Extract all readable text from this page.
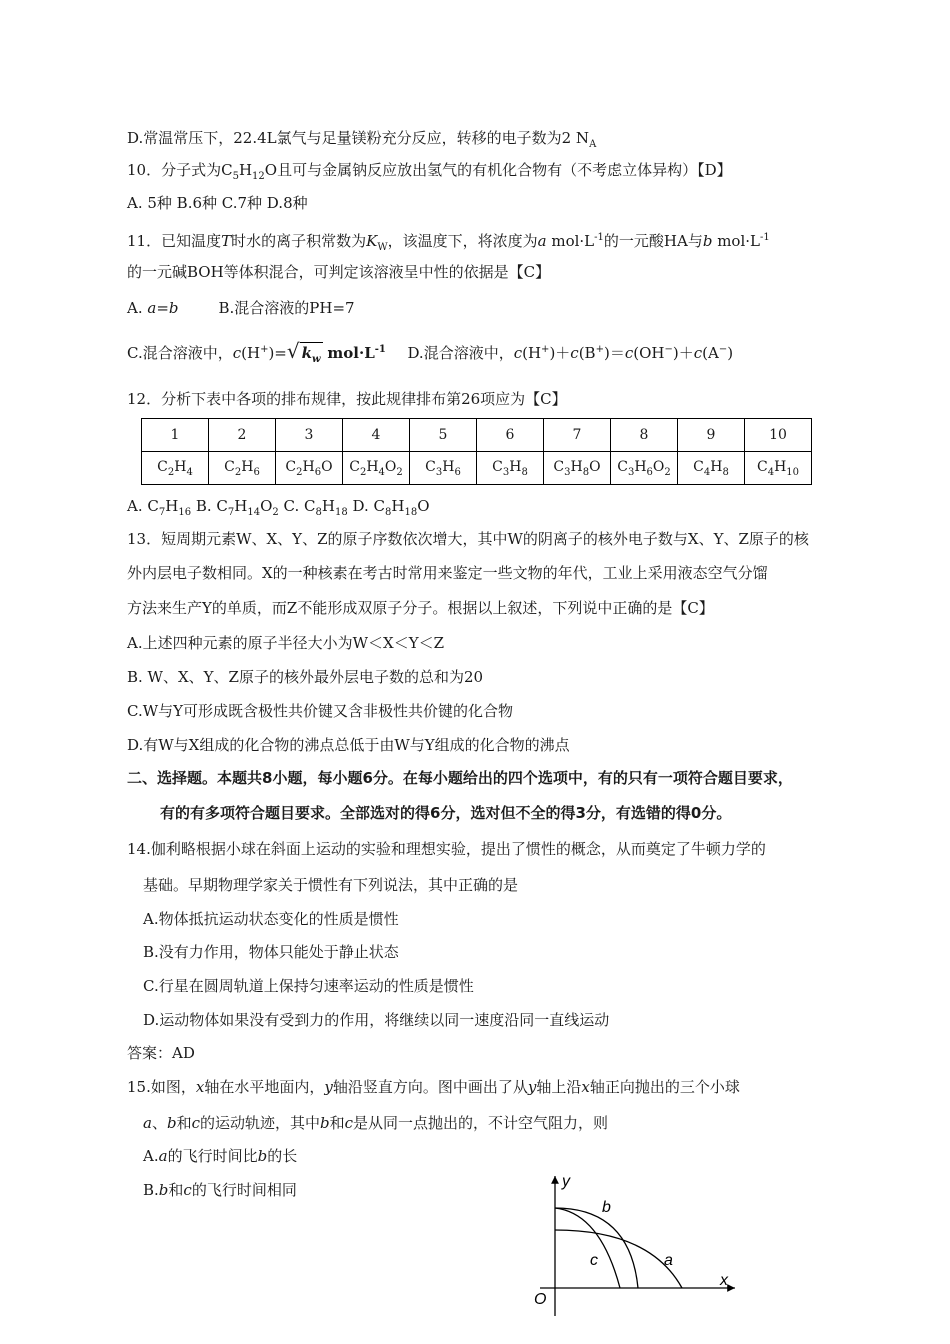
D.常温常压下，22.4L氯气与足量镁粉充分反应，转移的电子数为2 $N_A$
10．分子式为$C_5H_{12}O$且可与金属钠反应放出氢气的有机化合物有（不考虑立体异构）【D】
A. 5种 B.6种 C.7种 D.8种
11．已知温度T时水的离子积常数为$K_W$，该温度下，将浓度为a $mol\cdot L^{-1}$的一元酸HA与b $mol\cdot L^{-1}$
的一元碱BOH等体积混合，可判定该溶液呈中性的依据是【C】
A. a=b	B.混合溶液的PH=7
C.混合溶液中，c(H+)=√ $k_w$ $mol\cdot L^{-1}$ D.混合溶液中，c(H+)＋c(B+)＝c(OH−)＋c(A−)
12．分析下表中各项的排布规律，按此规律排布第26项应为【C】
1	2	3	4	5	6	7	8	9	10
$C_2H_4$	$C_2H_6$	$C_2H_6O$	$C_2H_4O_2$	$C_3H_6$	$C_3H_8$	$C_3H_8O$	$C_3H_6O_2$	$C_4H_8$	$C_4H_{10}$
A. $C_7H_{16}$ B. $C_7H_{14}O_2$ C. $C_8H_{18}$ D. $C_8H_{18}O$
13．短周期元素W、X、Y、Z的原子序数依次增大，其中W的阴离子的核外电子数与X、Y、Z原子的核
外内层电子数相同。X的一种核素在考古时常用来鉴定一些文物的年代，工业上采用液态空气分馏
方法来生产Y的单质，而Z不能形成双原子分子。根据以上叙述，下列说中正确的是【C】
A.上述四种元素的原子半径大小为W＜X＜Y＜Z
B. W、X、Y、Z原子的核外最外层电子数的总和为20
C.W与Y可形成既含极性共价键又含非极性共价键的化合物
D.有W与X组成的化合物的沸点总低于由W与Y组成的化合物的沸点
二、选择题。本题共8小题，每小题6分。在每小题给出的四个选项中，有的只有一项符合题目要求，
有的有多项符合题目要求。全部选对的得6分，选对但不全的得3分，有选错的得0分。
14.伽利略根据小球在斜面上运动的实验和理想实验，提出了惯性的概念，从而奠定了牛顿力学的
基础。早期物理学家关于惯性有下列说法，其中正确的是
A.物体抵抗运动状态变化的性质是惯性
B.没有力作用，物体只能处于静止状态
C.行星在圆周轨道上保持匀速率运动的性质是惯性
D.运动物体如果没有受到力的作用，将继续以同一速度沿同一直线运动
答案：AD
15.如图，x轴在水平地面内，y轴沿竖直方向。图中画出了从y轴上沿x轴正向抛出的三个小球
a、b和c的运动轨迹，其中b和c是从同一点抛出的，不计空气阻力，则
A.a的飞行时间比b的长
B.b和c的飞行时间相同	y
x
O
b
c	a
